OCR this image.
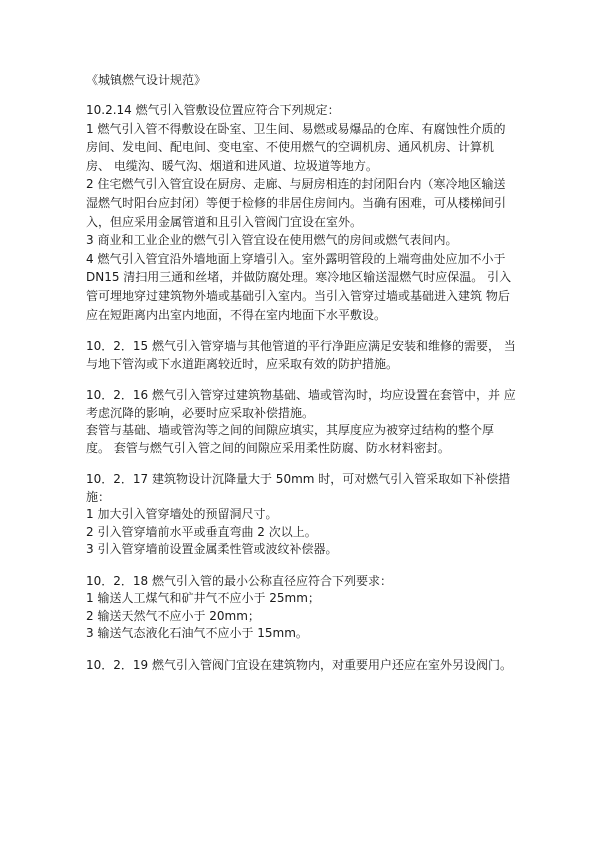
《城镇燃气设计规范》

10.2.14 燃气引入管敷设位置应符合下列规定：

1 燃气引入管不得敷设在卧室、卫生间、易燃或易爆品的仓库、有腐蚀性介质的

房间、发电间、配电间、变电室、不使用燃气的空调机房、通风机房、计算机

房、 电缆沟、暖气沟、烟道和进风道、垃圾道等地方。

2 住宅燃气引入管宜设在厨房、走廊、与厨房相连的封闭阳台内（寒冷地区输送

湿燃气时阳台应封闭）等便于检修的非居住房间内。当确有困难，可从楼梯间引

入，但应采用金属管道和且引入管阀门宜设在室外。

3 商业和工业企业的燃气引入管宜设在使用燃气的房间或燃气表间内。

4 燃气引入管宜沿外墙地面上穿墙引入。室外露明管段的上端弯曲处应加不小于

DN15 清扫用三通和丝堵，并做防腐处理。寒冷地区输送湿燃气时应保温。 引入

管可埋地穿过建筑物外墙或基础引入室内。当引入管穿过墙或基础进入建筑 物后

应在短距离内出室内地面，不得在室内地面下水平敷设。

10．2．15 燃气引入管穿墙与其他管道的平行净距应满足安装和维修的需要， 当

与地下管沟或下水道距离较近时，应采取有效的防护措施。

10．2．16 燃气引入管穿过建筑物基础、墙或管沟时，均应设置在套管中，并 应

考虑沉降的影响，必要时应采取补偿措施。

套管与基础、墙或管沟等之间的间隙应填实，其厚度应为被穿过结构的整个厚

度。 套管与燃气引入管之间的间隙应采用柔性防腐、防水材料密封。

10．2．17 建筑物设计沉降量大于 50mm 时，可对燃气引入管采取如下补偿措

施：

1 加大引入管穿墙处的预留洞尺寸。

2 引入管穿墙前水平或垂直弯曲 2 次以上。

3 引入管穿墙前设置金属柔性管或波纹补偿器。

10．2．18 燃气引入管的最小公称直径应符合下列要求：

1 输送人工煤气和矿井气不应小于 25mm；

2 输送天然气不应小于 20mm；

3 输送气态液化石油气不应小于 15mm。

10．2．19 燃气引入管阀门宜设在建筑物内，对重要用户还应在室外另设阀门。
